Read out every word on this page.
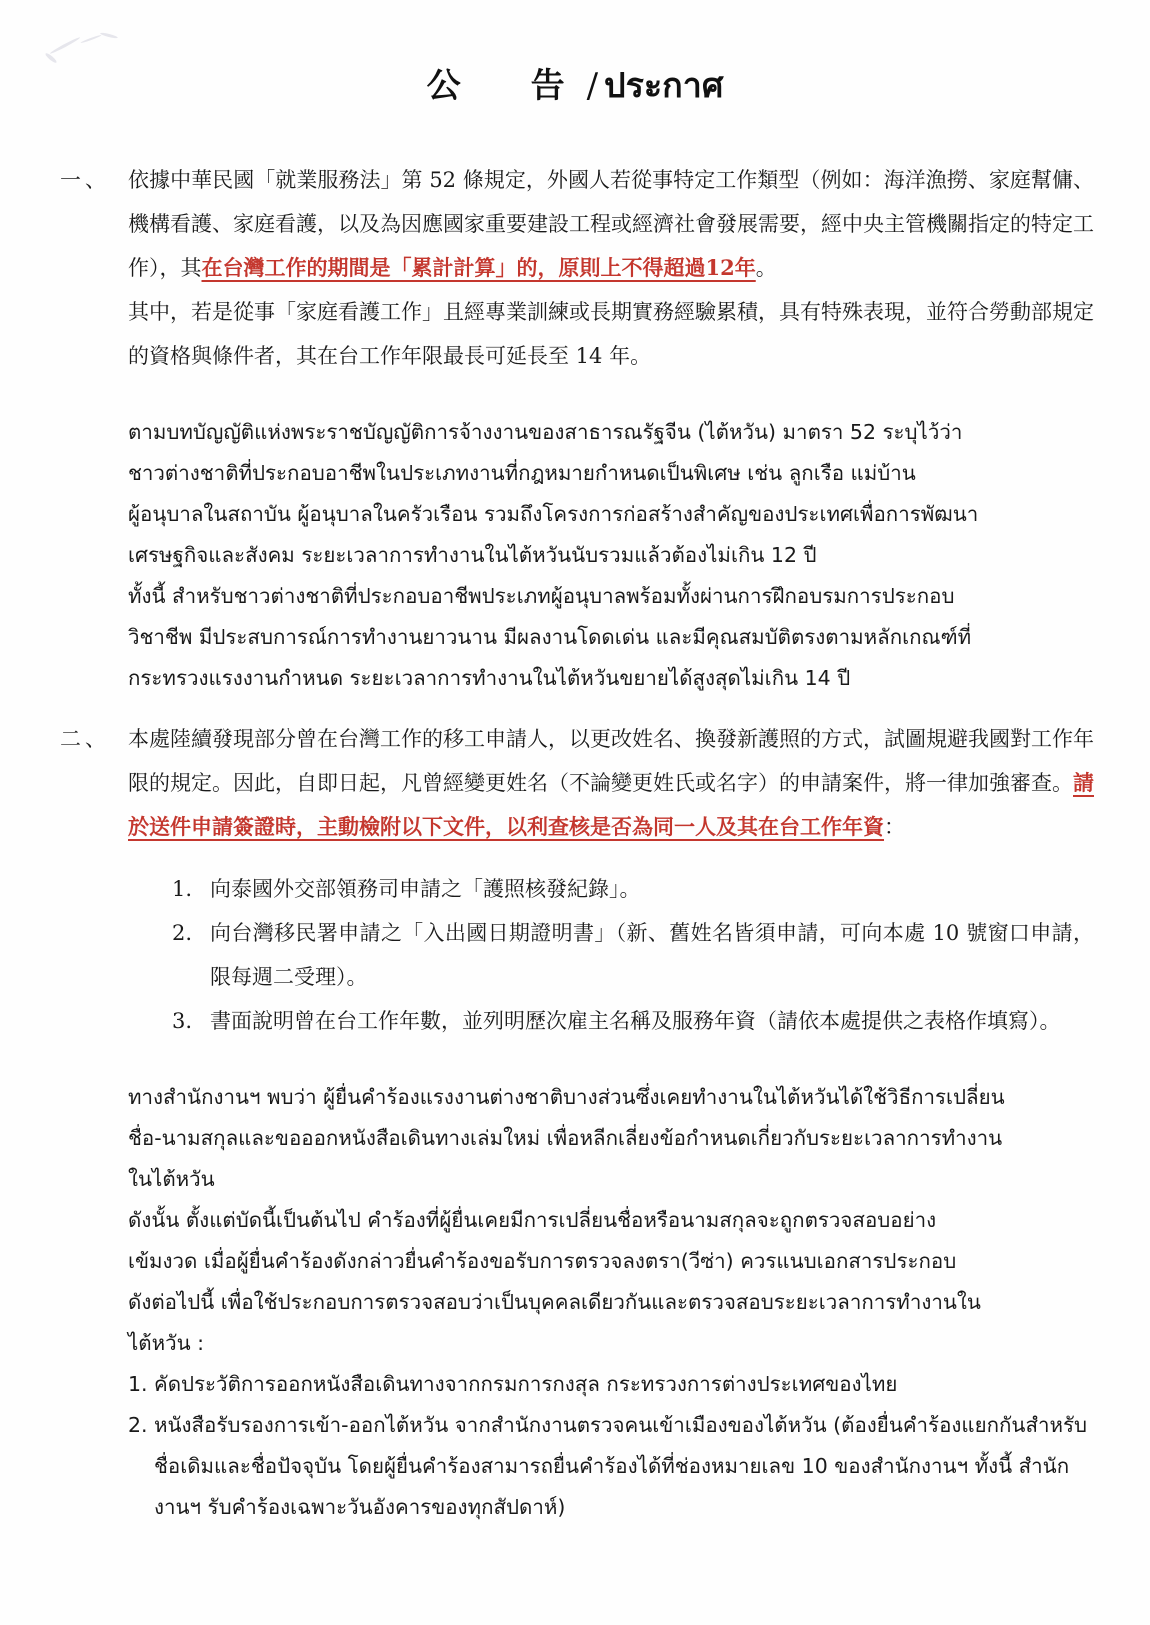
公　告 / ประกาศ
一、 依據中華民國「就業服務法」第 52 條規定，外國人若從事特定工作類型（例如：海洋漁撈、家庭幫傭、機構看護、家庭看護，以及為因應國家重要建設工程或經濟社會發展需要，經中央主管機關指定的特定工作），其在台灣工作的期間是「累計計算」的，原則上不得超過12年。
其中，若是從事「家庭看護工作」且經專業訓練或長期實務經驗累積，具有特殊表現，並符合勞動部規定的資格與條件者，其在台工作年限最長可延長至 14 年。
ตามบทบัญญัติแห่งพระราชบัญญัติการจ้างงานของสาธารณรัฐจีน (ไต้หวัน) มาตรา 52 ระบุไว้ว่า
ชาวต่างชาติที่ประกอบอาชีพในประเภทงานที่กฎหมายกำหนดเป็นพิเศษ เช่น ลูกเรือ แม่บ้าน
ผู้อนุบาลในสถาบัน ผู้อนุบาลในครัวเรือน รวมถึงโครงการก่อสร้างสำคัญของประเทศเพื่อการพัฒนา
เศรษฐกิจและสังคม ระยะเวลาการทำงานในไต้หวันนับรวมแล้วต้องไม่เกิน 12 ปี
ทั้งนี้ สำหรับชาวต่างชาติที่ประกอบอาชีพประเภทผู้อนุบาลพร้อมทั้งผ่านการฝึกอบรมการประกอบ
วิชาชีพ มีประสบการณ์การทำงานยาวนาน มีผลงานโดดเด่น และมีคุณสมบัติตรงตามหลักเกณฑ์ที่
กระทรวงแรงงานกำหนด ระยะเวลาการทำงานในไต้หวันขยายได้สูงสุดไม่เกิน 14 ปี
二、 本處陸續發現部分曾在台灣工作的移工申請人，以更改姓名、換發新護照的方式，試圖規避我國對工作年限的規定。因此，自即日起，凡曾經變更姓名（不論變更姓氏或名字）的申請案件，將一律加強審查。請於送件申請簽證時，主動檢附以下文件，以利查核是否為同一人及其在台工作年資：
1. 向泰國外交部領務司申請之「護照核發紀錄」。
2. 向台灣移民署申請之「入出國日期證明書」（新、舊姓名皆須申請，可向本處 10 號窗口申請，限每週二受理）。
3. 書面說明曾在台工作年數，並列明歷次雇主名稱及服務年資（請依本處提供之表格作填寫）。
ทางสำนักงานฯ พบว่า ผู้ยื่นคำร้องแรงงานต่างชาติบางส่วนซึ่งเคยทำงานในไต้หวันได้ใช้วิธีการเปลี่ยน
ชื่อ-นามสกุลและขอออกหนังสือเดินทางเล่มใหม่ เพื่อหลีกเลี่ยงข้อกำหนดเกี่ยวกับระยะเวลาการทำงาน
ในไต้หวัน
ดังนั้น ตั้งแต่บัดนี้เป็นต้นไป คำร้องที่ผู้ยื่นเคยมีการเปลี่ยนชื่อหรือนามสกุลจะถูกตรวจสอบอย่าง
เข้มงวด เมื่อผู้ยื่นคำร้องดังกล่าวยื่นคำร้องขอรับการตรวจลงตรา(วีซ่า) ควรแนบเอกสารประกอบ
ดังต่อไปนี้ เพื่อใช้ประกอบการตรวจสอบว่าเป็นบุคคลเดียวกันและตรวจสอบระยะเวลาการทำงานใน
ไต้หวัน :
1. คัดประวัติการออกหนังสือเดินทางจากกรมการกงสุล กระทรวงการต่างประเทศของไทย
2. หนังสือรับรองการเข้า-ออกไต้หวัน จากสำนักงานตรวจคนเข้าเมืองของไต้หวัน (ต้องยื่นคำร้องแยกกันสำหรับชื่อเดิมและชื่อปัจจุบัน โดยผู้ยื่นคำร้องสามารถยื่นคำร้องได้ที่ช่องหมายเลข 10 ของสำนักงานฯ ทั้งนี้ สำนักงานฯ รับคำร้องเฉพาะวันอังคารของทุกสัปดาห์)
